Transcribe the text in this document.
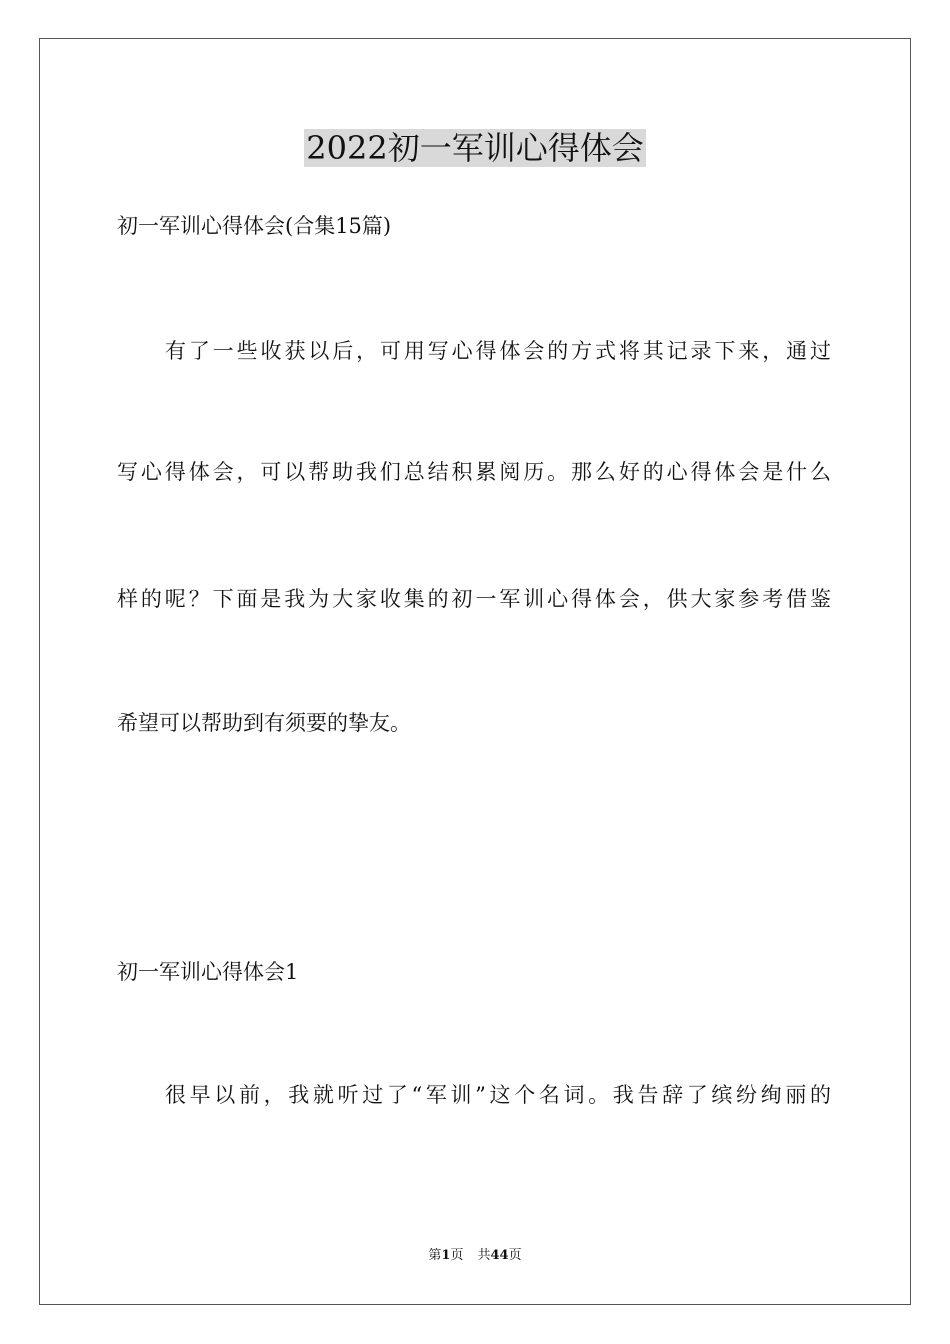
2022初一军训心得体会

初一军训心得体会(合集15篇)

有了一些收获以后，可用写心得体会的方式将其记录下来，通过

写心得体会，可以帮助我们总结积累阅历。那么好的心得体会是什么

样的呢？下面是我为大家收集的初一军训心得体会，供大家参考借鉴

希望可以帮助到有须要的挚友。

初一军训心得体会1

很早以前，我就听过了“军训”这个名词。我告辞了缤纷绚丽的

第1页 共44页
